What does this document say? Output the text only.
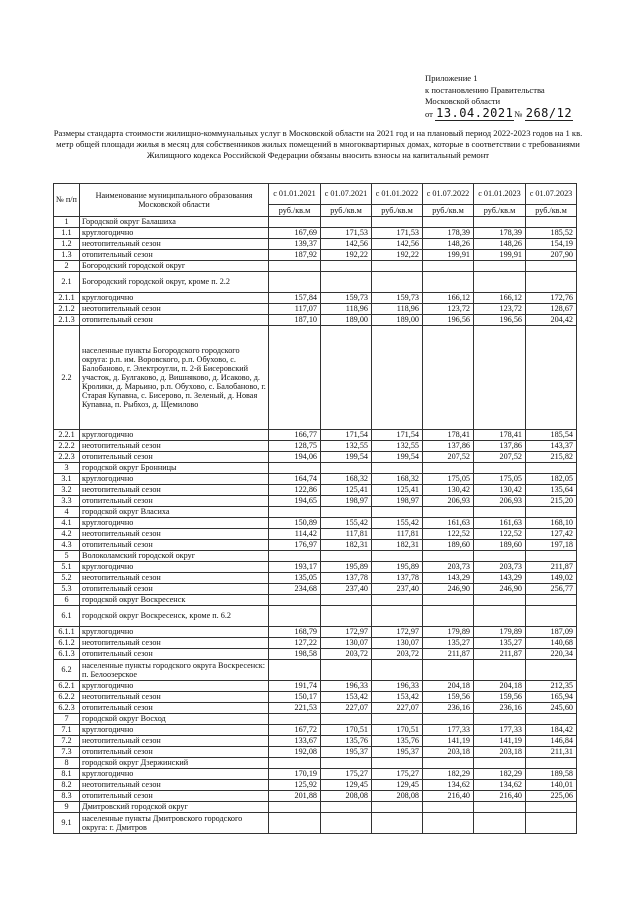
Приложение 1
к постановлению Правительства
Московской области
от 13.04.2021№ 268/12
Размеры стандарта стоимости жилищно-коммунальных услуг в Московской области на 2021 год и на плановый период 2022-2023 годов на 1 кв. метр общей площади жилья в месяц для собственников жилых помещений в многоквартирных домах, которые в соответствии с требованиями Жилищного кодекса Российской Федерации обязаны вносить взносы на капитальный ремонт
№ п/п	Наименование муниципального образования Московской области	с 01.01.2021	с 01.07.2021	с 01.01.2022	с 01.07.2022	с 01.01.2023	с 01.07.2023
		руб./кв.м	руб./кв.м	руб./кв.м	руб./кв.м	руб./кв.м	руб./кв.м
1	Городской округ Балашиха						
1.1	круглогодично	167,69	171,53	171,53	178,39	178,39	185,52
1.2	неотопительный сезон	139,37	142,56	142,56	148,26	148,26	154,19
1.3	отопительный сезон	187,92	192,22	192,22	199,91	199,91	207,90
2	Богородский городской округ						
2.1	Богородский городской округ, кроме п. 2.2						
2.1.1	круглогодично	157,84	159,73	159,73	166,12	166,12	172,76
2.1.2	неотопительный сезон	117,07	118,96	118,96	123,72	123,72	128,67
2.1.3	отопительный сезон	187,10	189,00	189,00	196,56	196,56	204,42
2.2	населенные пункты Богородского городского округа: р.п. им. Воровского, р.п. Обухово, с. Балобаново, г. Электроугли, п. 2-й Бисеровский участок, д. Булгаково, д. Вишняково, д. Исаково, д. Кролики, д. Марьино, р.п. Обухово, с. Балобаново, г. Старая Купавна, с. Бисерово, п. Зеленый, д. Новая Купавна, п. Рыбхоз, д. Щемилово						
2.2.1	круглогодично	166,77	171,54	171,54	178,41	178,41	185,54
2.2.2	неотопительный сезон	128,75	132,55	132,55	137,86	137,86	143,37
2.2.3	отопительный сезон	194,06	199,54	199,54	207,52	207,52	215,82
3	городской округ Бронницы						
3.1	круглогодично	164,74	168,32	168,32	175,05	175,05	182,05
3.2	неотопительный сезон	122,86	125,41	125,41	130,42	130,42	135,64
3.3	отопительный сезон	194,65	198,97	198,97	206,93	206,93	215,20
4	городской округ Власиха						
4.1	круглогодично	150,89	155,42	155,42	161,63	161,63	168,10
4.2	неотопительный сезон	114,42	117,81	117,81	122,52	122,52	127,42
4.3	отопительный сезон	176,97	182,31	182,31	189,60	189,60	197,18
5	Волоколамский городской округ						
5.1	круглогодично	193,17	195,89	195,89	203,73	203,73	211,87
5.2	неотопительный сезон	135,05	137,78	137,78	143,29	143,29	149,02
5.3	отопительный сезон	234,68	237,40	237,40	246,90	246,90	256,77
6	городской округ Воскресенск						
6.1	городской округ Воскресенск, кроме п. 6.2						
6.1.1	круглогодично	168,79	172,97	172,97	179,89	179,89	187,09
6.1.2	неотопительный сезон	127,22	130,07	130,07	135,27	135,27	140,68
6.1.3	отопительный сезон	198,58	203,72	203,72	211,87	211,87	220,34
6.2	населенные пункты городского округа Воскресенск: п. Белоозерское						
6.2.1	круглогодично	191,74	196,33	196,33	204,18	204,18	212,35
6.2.2	неотопительный сезон	150,17	153,42	153,42	159,56	159,56	165,94
6.2.3	отопительный сезон	221,53	227,07	227,07	236,16	236,16	245,60
7	городской округ Восход						
7.1	круглогодично	167,72	170,51	170,51	177,33	177,33	184,42
7.2	неотопительный сезон	133,67	135,76	135,76	141,19	141,19	146,84
7.3	отопительный сезон	192,08	195,37	195,37	203,18	203,18	211,31
8	городской округ Дзержинский						
8.1	круглогодично	170,19	175,27	175,27	182,29	182,29	189,58
8.2	неотопительный сезон	125,92	129,45	129,45	134,62	134,62	140,01
8.3	отопительный сезон	201,88	208,08	208,08	216,40	216,40	225,06
9	Дмитровский городской округ						
9.1	населенные пункты Дмитровского городского округа: г. Дмитров						
